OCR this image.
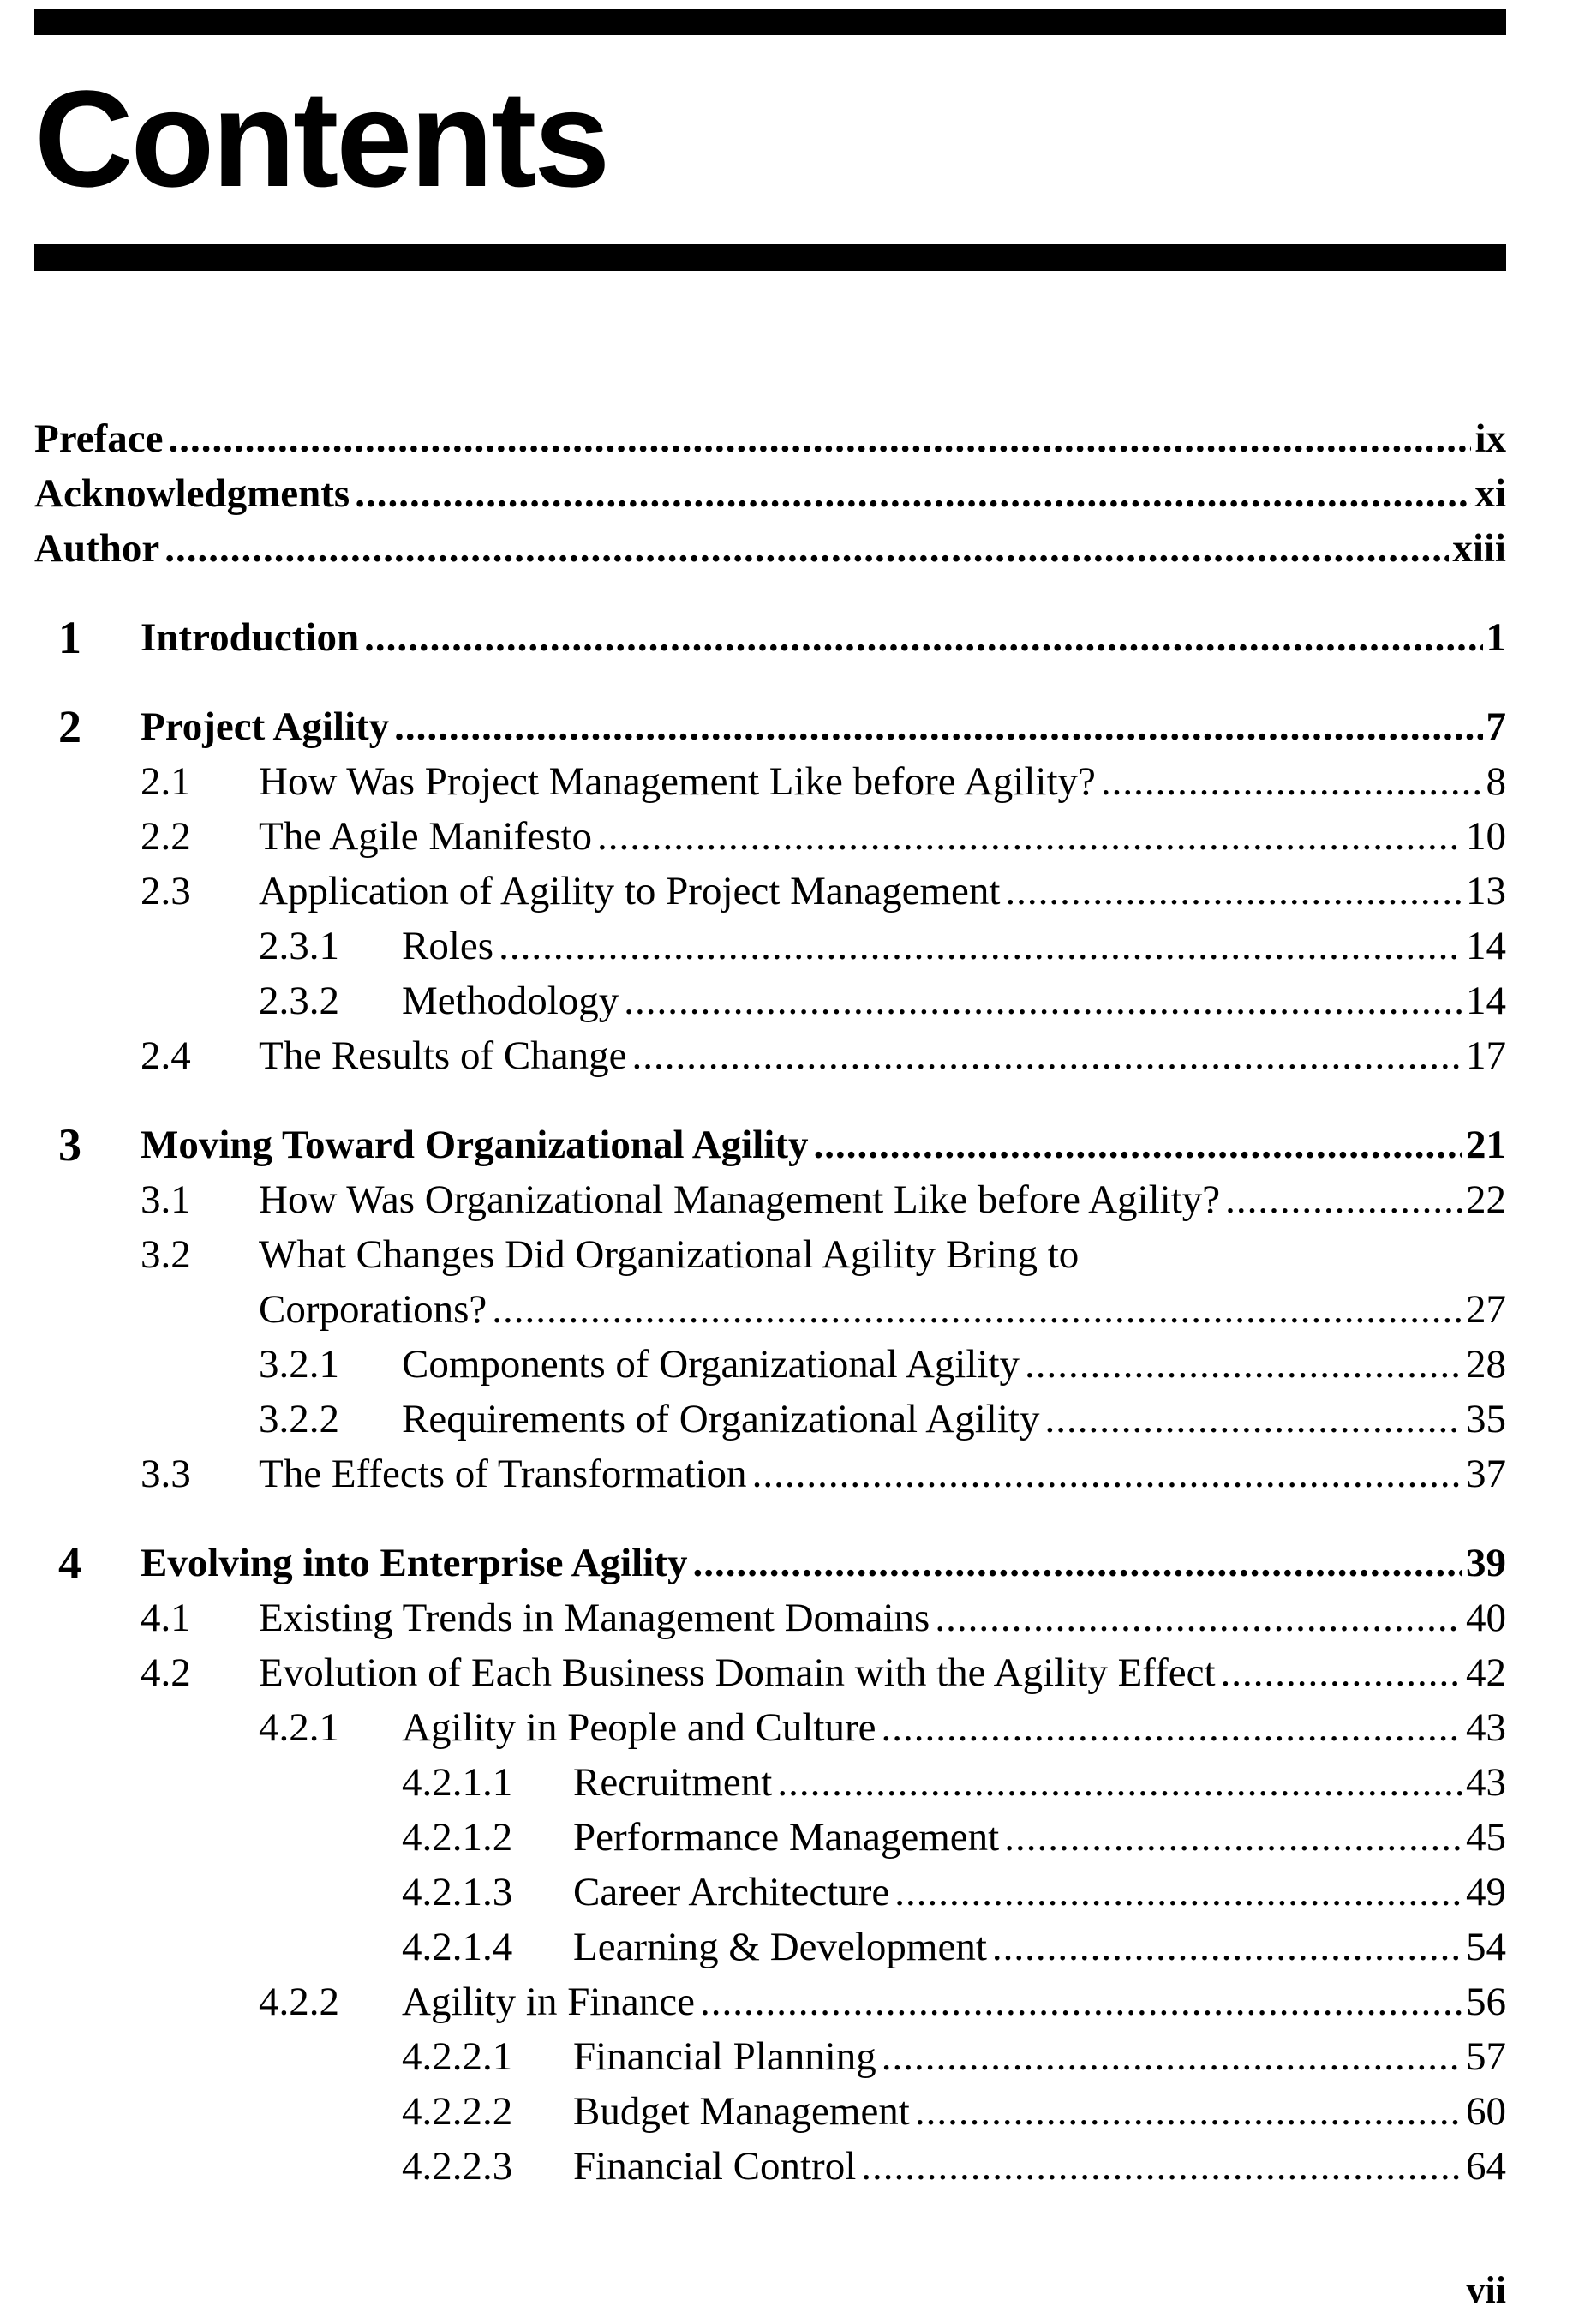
Contents
Preface .....	ix
Acknowledgments .....	xi
Author .....	xiii
1 Introduction .....	1
2 Project Agility .....	7
2.1 How Was Project Management Like before Agility? .....	8
2.2 The Agile Manifesto .....	10
2.3 Application of Agility to Project Management .....	13
2.3.1 Roles .....	14
2.3.2 Methodology .....	14
2.4 The Results of Change .....	17
3 Moving Toward Organizational Agility .....	21
3.1 How Was Organizational Management Like before Agility? .....	22
3.2 What Changes Did Organizational Agility Bring to
Corporations? .....	27
3.2.1 Components of Organizational Agility .....	28
3.2.2 Requirements of Organizational Agility .....	35
3.3 The Effects of Transformation .....	37
4 Evolving into Enterprise Agility .....	39
4.1 Existing Trends in Management Domains .....	40
4.2 Evolution of Each Business Domain with the Agility Effect .....	42
4.2.1 Agility in People and Culture .....	43
4.2.1.1 Recruitment .....	43
4.2.1.2 Performance Management .....	45
4.2.1.3 Career Architecture .....	49
4.2.1.4 Learning & Development .....	54
4.2.2 Agility in Finance .....	56
4.2.2.1 Financial Planning .....	57
4.2.2.2 Budget Management .....	60
4.2.2.3 Financial Control .....	64
vii
